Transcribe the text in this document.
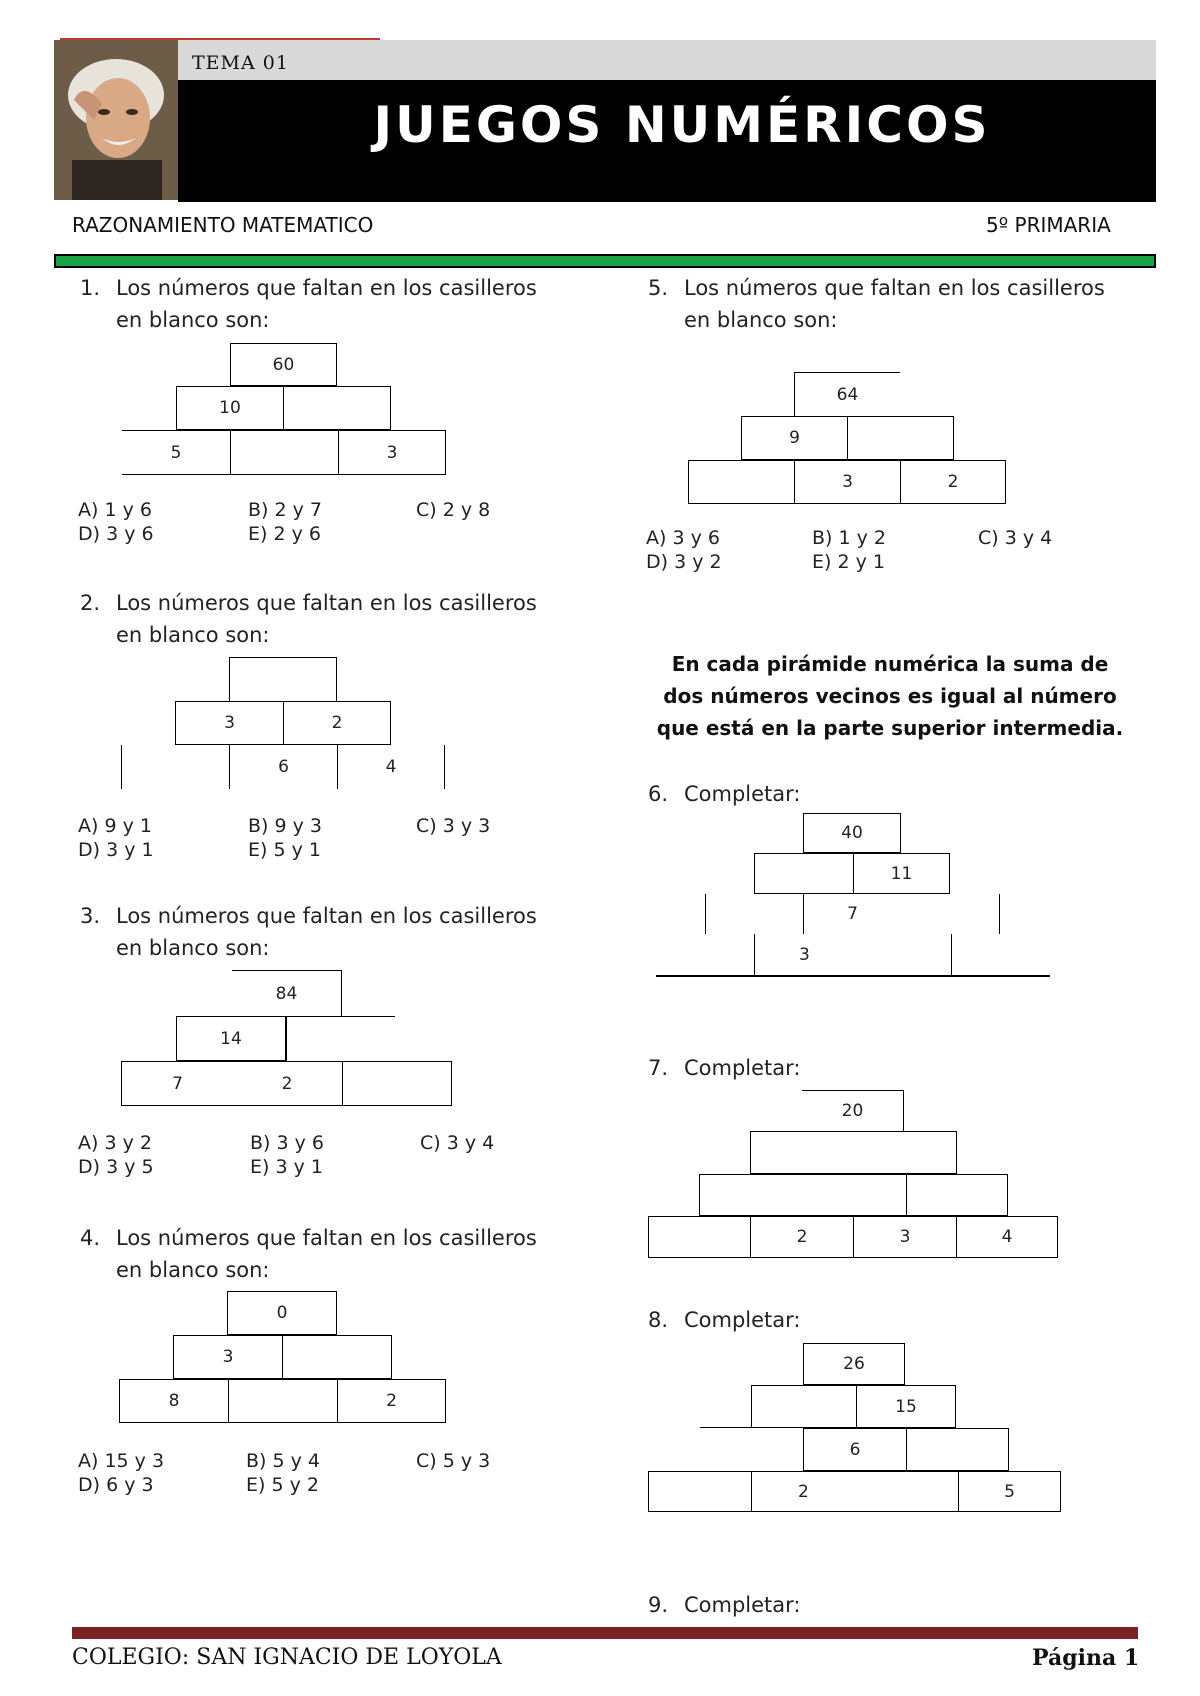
TEMA 01
JUEGOS NUMÉRICOS
RAZONAMIENTO MATEMATICO	5º PRIMARIA
1. Los números que faltan en los casilleros
en blanco son:
60
10
5	3
A) 1 y 6	B) 2 y 7	C) 2 y 8
D) 3 y 6	E) 2 y 6
2. Los números que faltan en los casilleros
en blanco son:
3	2
6	4
A) 9 y 1	B) 9 y 3	C) 3 y 3
D) 3 y 1	E) 5 y 1
3. Los números que faltan en los casilleros
en blanco son:
84
14
7	2
A) 3 y 2	B) 3 y 6	C) 3 y 4
D) 3 y 5	E) 3 y 1
4. Los números que faltan en los casilleros
en blanco son:
0
3
8	2
A) 15 y 3	B) 5 y 4	C) 5 y 3
D) 6 y 3	E) 5 y 2
5. Los números que faltan en los casilleros
en blanco son:
64
9
3	2
A) 3 y 6	B) 1 y 2	C) 3 y 4
D) 3 y 2	E) 2 y 1
En cada pirámide numérica la suma de
dos números vecinos es igual al número
que está en la parte superior intermedia.
6. Completar:
40
11
7
3
7. Completar:
20
2	3	4
8. Completar:
26
15
6
2	5
9. Completar:
COLEGIO: SAN IGNACIO DE LOYOLA	Página 1
